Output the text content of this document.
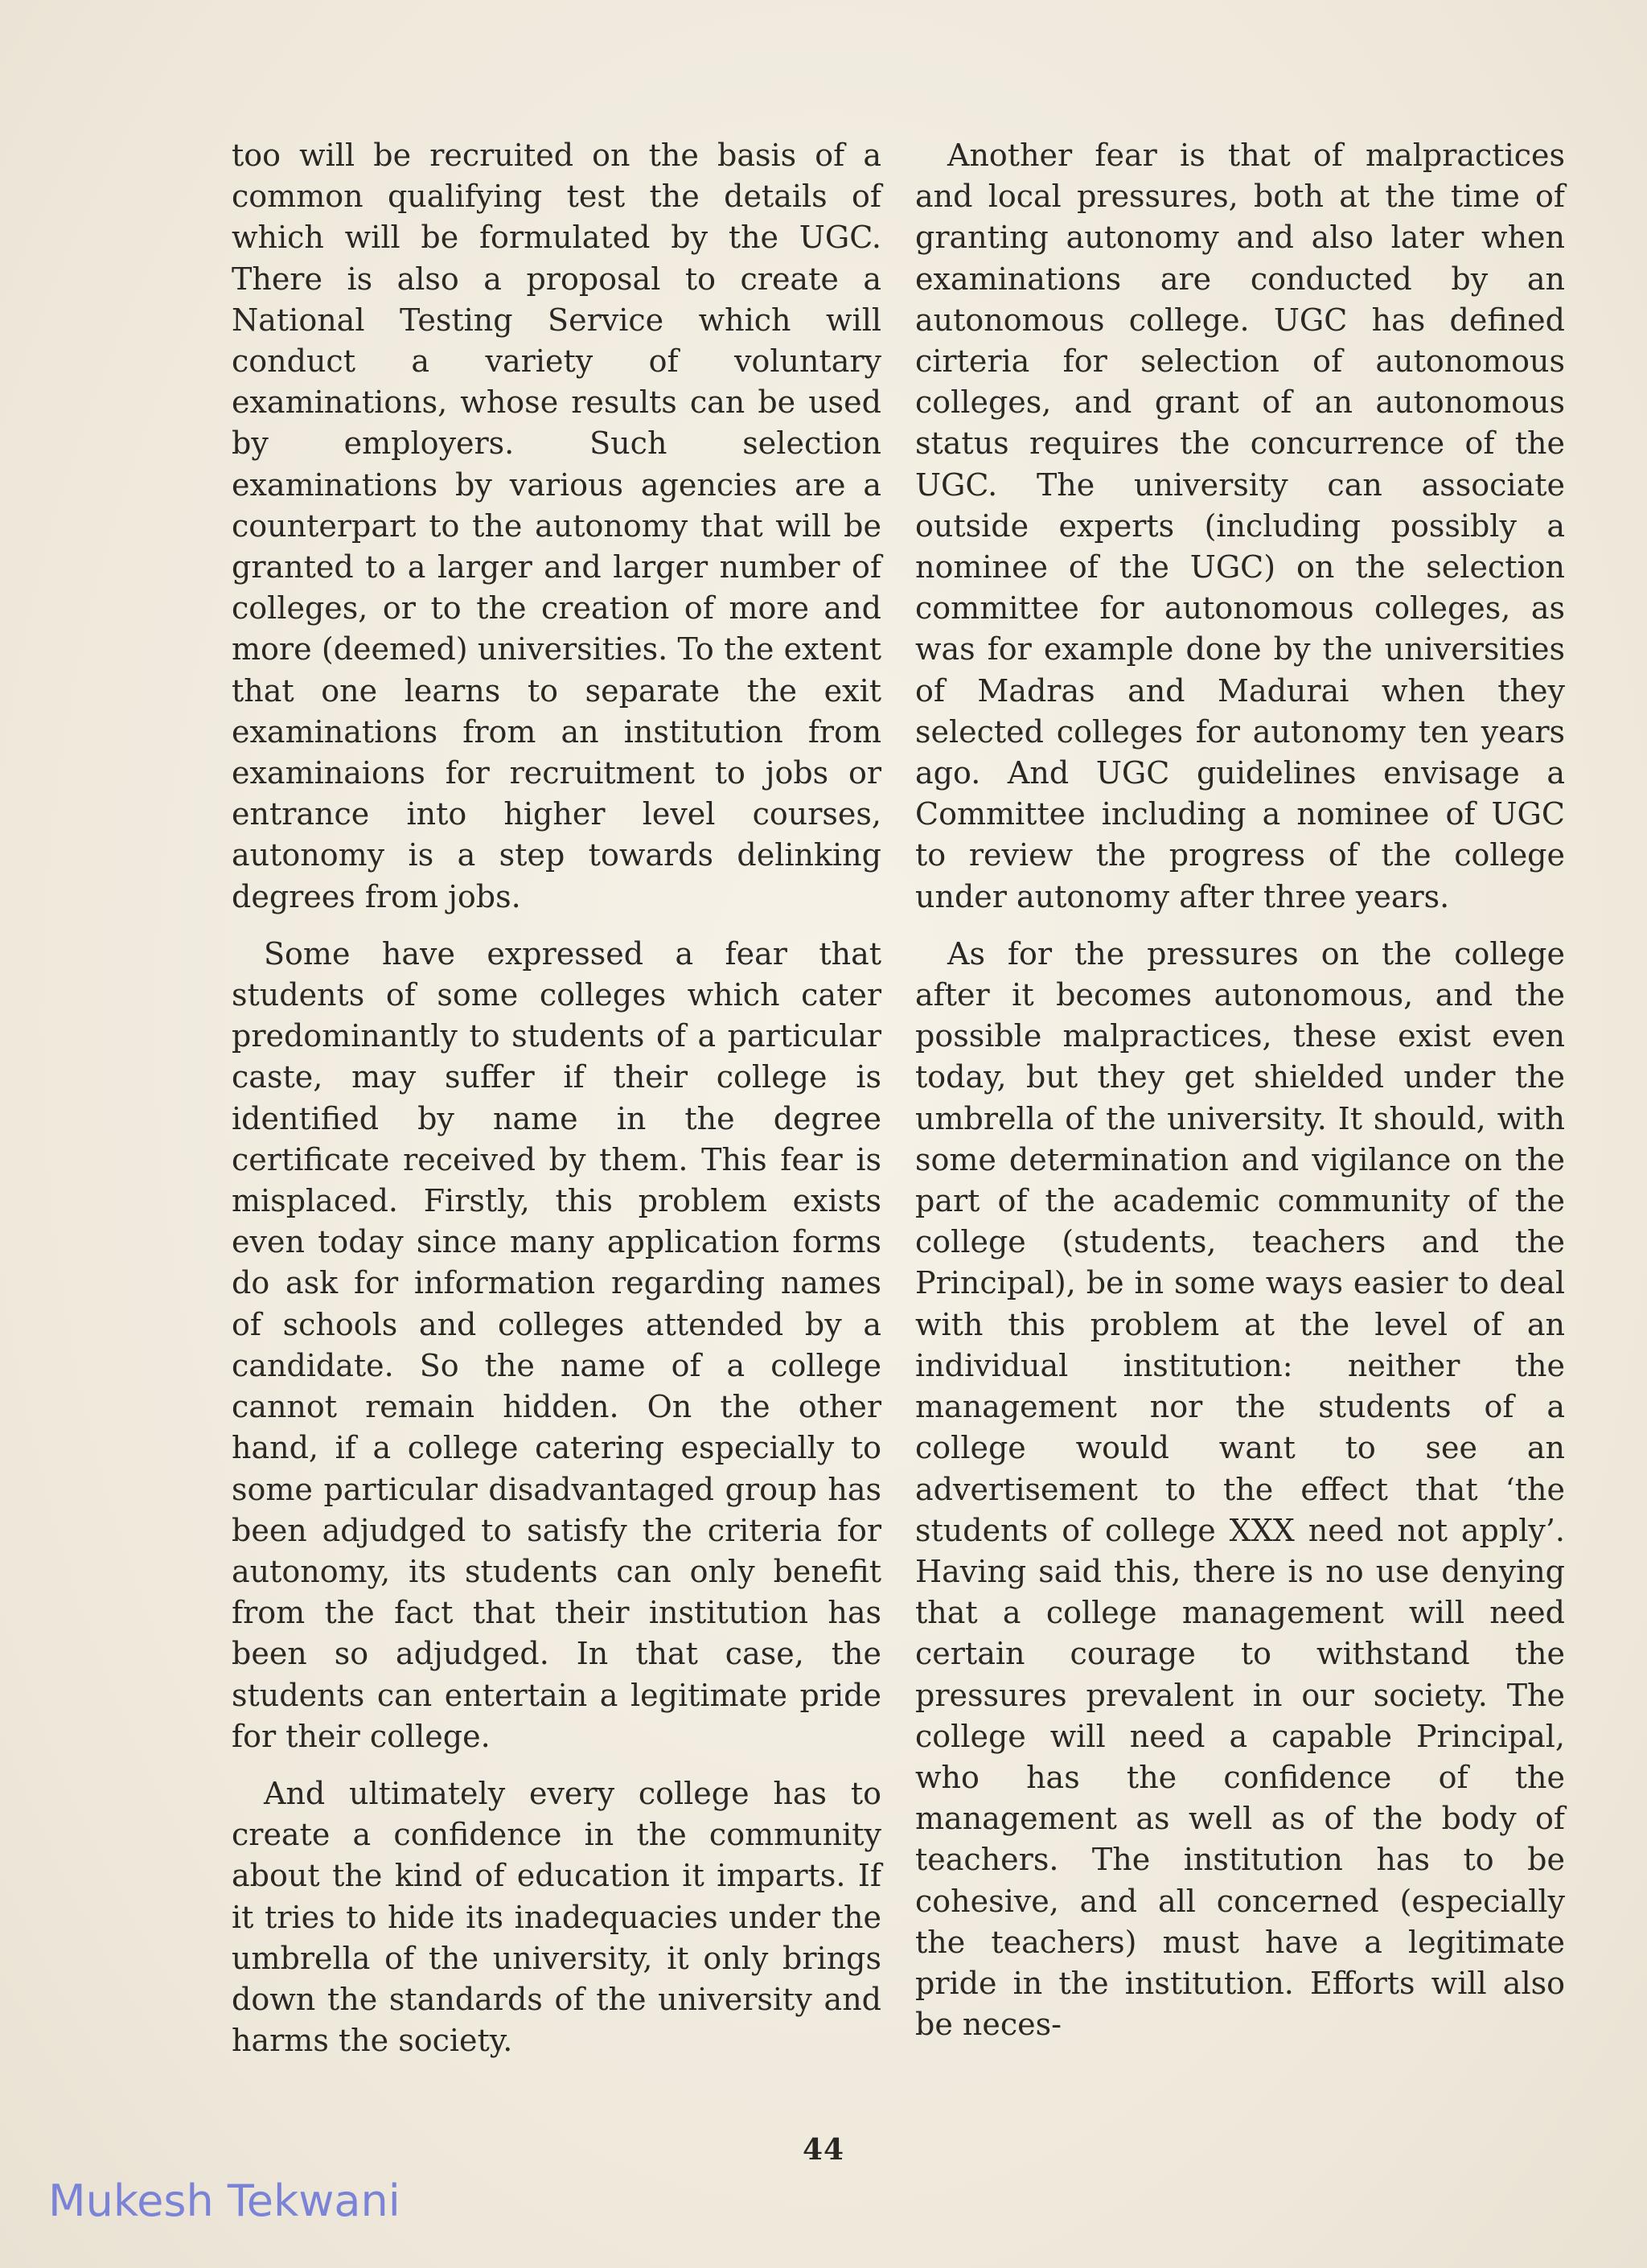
too will be recruited on the basis of a common qualifying test the details of which will be formulated by the UGC. There is also a proposal to create a National Testing Service which will conduct a variety of voluntary examinations, whose results can be used by employers. Such selection examinations by various agencies are a counterpart to the autonomy that will be granted to a larger and larger number of colleges, or to the creation of more and more (deemed) universities. To the extent that one learns to separate the exit examinations from an institution from examinaions for recruitment to jobs or entrance into higher level courses, autonomy is a step towards delinking degrees from jobs.

Some have expressed a fear that students of some colleges which cater predominantly to students of a particular caste, may suffer if their college is identified by name in the degree certificate received by them. This fear is misplaced. Firstly, this problem exists even today since many application forms do ask for information regarding names of schools and colleges attended by a candidate. So the name of a college cannot remain hidden. On the other hand, if a college catering especially to some particular disadvantaged group has been adjudged to satisfy the criteria for autonomy, its students can only benefit from the fact that their institution has been so adjudged. In that case, the students can entertain a legitimate pride for their college.

And ultimately every college has to create a confidence in the community about the kind of education it imparts. If it tries to hide its inadequacies under the umbrella of the university, it only brings down the standards of the university and harms the society.

Another fear is that of malpractices and local pressures, both at the time of granting autonomy and also later when examinations are conducted by an autonomous college. UGC has defined cirteria for selection of autonomous colleges, and grant of an autonomous status requires the concurrence of the UGC. The university can associate outside experts (including possibly a nominee of the UGC) on the selection committee for autonomous colleges, as was for example done by the universities of Madras and Madurai when they selected colleges for autonomy ten years ago. And UGC guidelines envisage a Committee including a nominee of UGC to review the progress of the college under autonomy after three years.

As for the pressures on the college after it becomes autonomous, and the possible malpractices, these exist even today, but they get shielded under the umbrella of the university. It should, with some determination and vigilance on the part of the academic community of the college (students, teachers and the Principal), be in some ways easier to deal with this problem at the level of an individual institution: neither the management nor the students of a college would want to see an advertisement to the effect that ‘the students of college XXX need not apply’. Having said this, there is no use denying that a college management will need certain courage to withstand the pressures prevalent in our society. The college will need a capable Principal, who has the confidence of the management as well as of the body of teachers. The institution has to be cohesive, and all concerned (especially the teachers) must have a legitimate pride in the institution. Efforts will also be neces-

44
Mukesh Tekwani
